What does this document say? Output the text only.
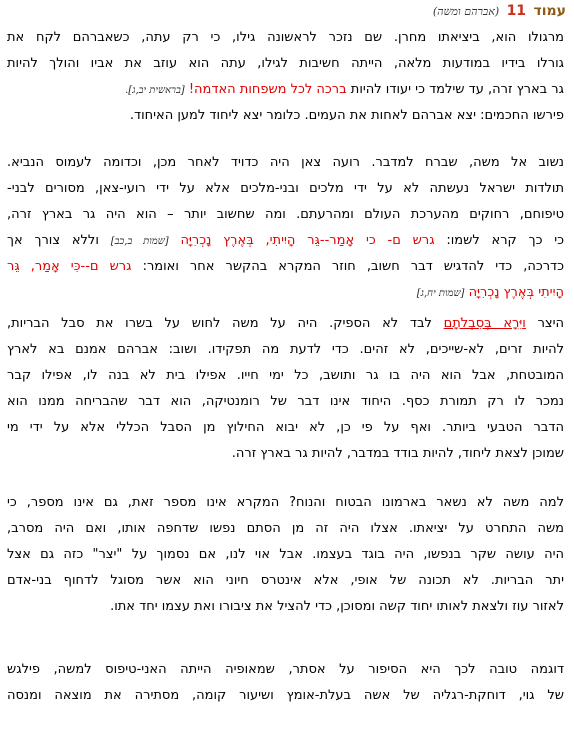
עמוד 11 (אברהם ומשה)
מרגולו הוא, ביציאתו מחרן. שם נזכר לראשונה גילו, כי רק עתה, כשאברהם לקח את
גורלו בידיו במודעות מלאה, הייתה חשיבות לגילו, עתה הוא עוזב את אביו והולך להיות
גר בארץ זרה, עד שילמד כי יעודו להיות ברכה לכל משפחות האדמה! [בראשית יב,ג].
פירשו החכמים: יצא אברהם לאחות את העמים. כלומר יצא ליחוד למען האיחוד.
נשוב אל משה, שברח למדבר. רועה צאן היה כדויד לאחר מכן, וכדומה לעמוס הנביא.
תולדות ישראל נעשתה לא על ידי מלכים ובני-מלכים אלא על ידי רועי-צאן, מסורים לבני-
טיפוחם, רחוקים מהערכת העולם ומהרעתם. ומה שחשוב יותר – הוא היה גר בארץ זרה,
כי כך קרא לשמו: גרש ם- כי אָמַר--גֵּר הָיִיתִי, בְּאֶרֶץ נָכְרִיָּה [שמות ב,כב] וללא צורך אך
כדרכה, כדי להדגיש דבר חשוב, חוזר המקרא בהקשר אחר ואומר: גרש ם--כִּי אָמַר, גֵּר
הָיִיתִי בְּאֶרֶץ נָכְרִיָּה [שמות יח,ג]
היצר וַיִּרָא בְּסִבְלֹתָם לבד לא הספיק. היה על משה לחוש על בשרו את סבל הבריות,
להיות זרים, לא-שייכים, לא זהים. כדי לדעת מה תפקידו. ושוב: אברהם אמנם בא לארץ
המובטחת, אבל הוא היה בו גר ותושב, כל ימי חייו. אפילו בית לא בנה לו, אפילו קבר
נמכר לו רק תמורת כסף. היחוד אינו דבר של רומנטיקה, הוא דבר שהבריחה ממנו הוא
הדבר הטבעי ביותר. ואף על פי כן, לא יבוא החילוץ מן הסבל הכללי אלא על ידי מי
שמוכן לצאת ליחוד, להיות בודד במדבר, להיות גר בארץ זרה.
למה משה לא נשאר בארמונו הבטוח והנוח? המקרא אינו מספר זאת, גם אינו מספר, כי
משה התחרט על יציאתו. אצלו היה זה מן הסתם נפשו שדחפה אותו, ואם היה מסרב,
היה עושה שקר בנפשו, היה בוגד בעצמו. אבל אוי לנו, אם נסמוך על "יצר" כזה גם אצל
יתר הבריות. לא תכונה של אופי, אלא אינטרס חיוני הוא אשר מסוגל לדחוף בני-אדם
לאזור עוז ולצאת לאותו יחוד קשה ומסוכן, כדי להציל את ציבורו ואת עצמו יחד אתו.
דוגמה טובה לכך היא הסיפור על אסתר, שמאופיה הייתה האני-טיפוס למשה, פילגש
של גוי, דוחקת-רגליה של אשה בעלת-אומץ ושיעור קומה, מסתירה את מוצאה ומנסה
